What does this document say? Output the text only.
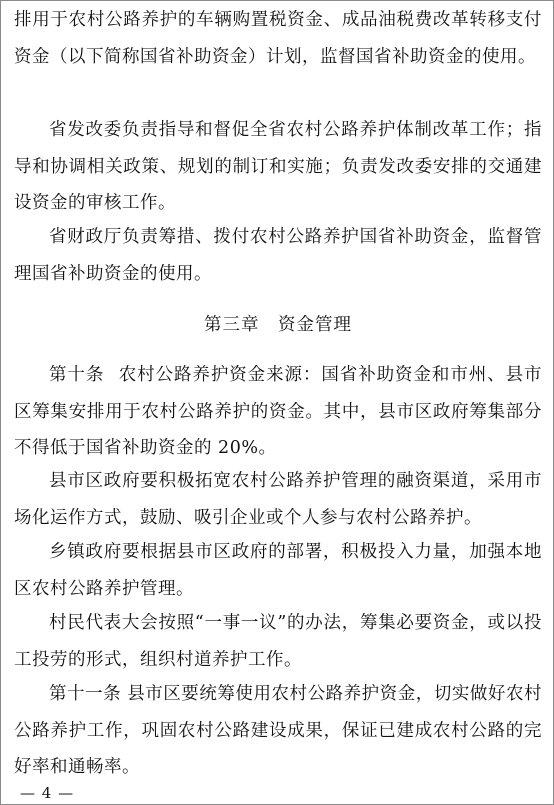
排用于农村公路养护的车辆购置税资金、成品油税费改革转移支付资金（以下简称国省补助资金）计划，监督国省补助资金的使用。

省发改委负责指导和督促全省农村公路养护体制改革工作；指导和协调相关政策、规划的制订和实施；负责发改委安排的交通建设资金的审核工作。

省财政厅负责筹措、拨付农村公路养护国省补助资金，监督管理国省补助资金的使用。

第三章　资金管理

第十条 农村公路养护资金来源：国省补助资金和市州、县市区筹集安排用于农村公路养护的资金。其中，县市区政府筹集部分不得低于国省补助资金的 20%。

县市区政府要积极拓宽农村公路养护管理的融资渠道，采用市场化运作方式，鼓励、吸引企业或个人参与农村公路养护。

乡镇政府要根据县市区政府的部署，积极投入力量，加强本地区农村公路养护管理。

村民代表大会按照“一事一议”的办法，筹集必要资金，或以投工投劳的形式，组织村道养护工作。

第十一条 县市区要统筹使用农村公路养护资金，切实做好农村公路养护工作，巩固农村公路建设成果，保证已建成农村公路的完好率和通畅率。

— 4 —
